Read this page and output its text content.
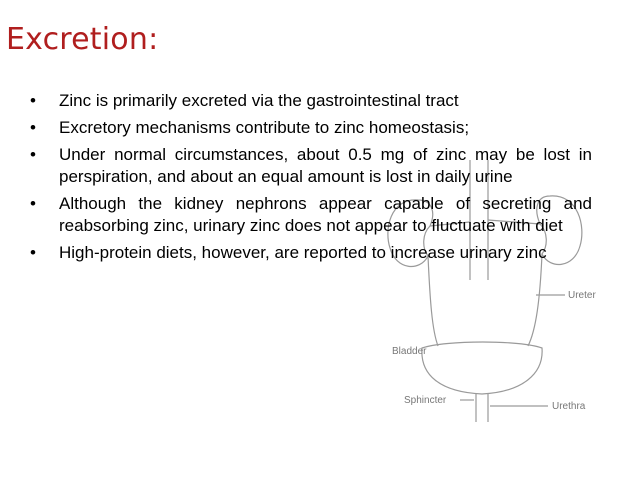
Excretion:
Ureter
Bladder
Sphincter
Urethra
•	Zinc is primarily excreted via the gastrointestinal tract
•	Excretory mechanisms contribute to zinc homeostasis;
•	Under normal circumstances, about 0.5 mg of zinc may be lost in perspiration, and about an equal amount is lost in daily urine
•	Although the kidney nephrons appear capable of secreting and reabsorbing zinc, urinary zinc does not appear to fluctuate with diet
•	High-protein diets, however, are reported to increase urinary zinc
